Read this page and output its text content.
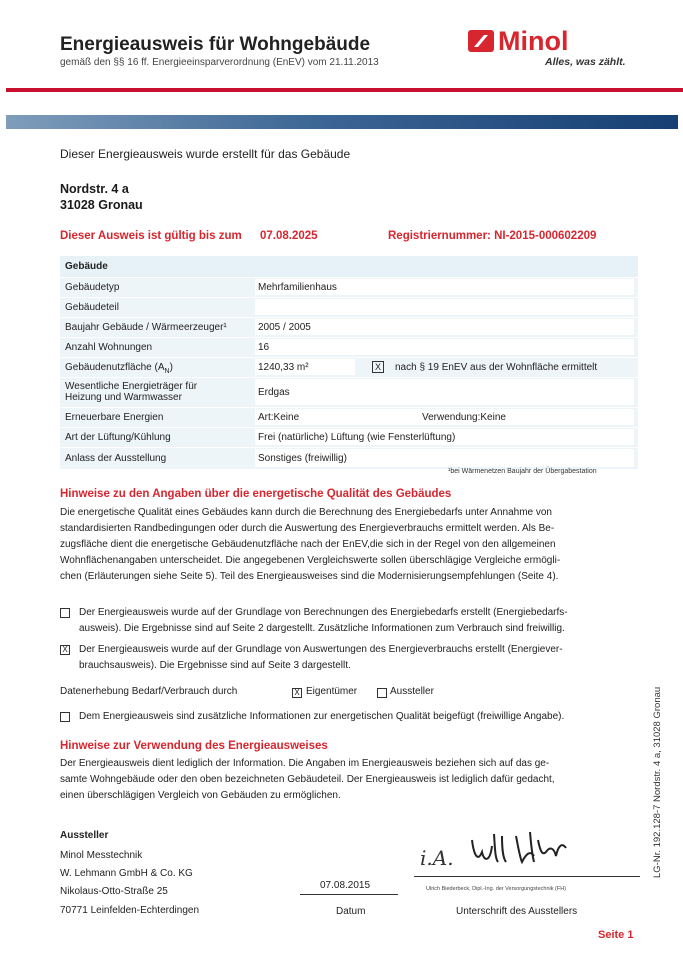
Energieausweis für Wohngebäude
gemäß den §§ 16 ff. Energieeinsparverordnung (EnEV) vom 21.11.2013
Minol
Alles, was zählt.
Dieser Energieausweis wurde erstellt für das Gebäude
Nordstr. 4 a
31028 Gronau
Dieser Ausweis ist gültig bis zum 07.08.2025	Registriernummer: NI-2015-000602209
Gebäude
Gebäudetyp	Mehrfamilienhaus
Gebäudeteil
Baujahr Gebäude / Wärmeerzeuger¹	2005 / 2005
Anzahl Wohnungen	16
Gebäudenutzfläche $(A_N)$	1240,33 m²	X	nach § 19 EnEV aus der Wohnfläche ermittelt
Wesentliche Energieträger für
Heizung und Warmwasser	Erdgas
Erneuerbare Energien	Art:Keine	Verwendung:Keine
Art der Lüftung/Kühlung	Frei (natürliche) Lüftung (wie Fensterlüftung)
Anlass der Ausstellung	Sonstiges (freiwillig)
¹bei Wärmenetzen Baujahr der Übergabestation
Hinweise zu den Angaben über die energetische Qualität des Gebäudes

Die energetische Qualität eines Gebäudes kann durch die Berechnung des Energiebedarfs unter Annahme von

standardisierten Randbedingungen oder durch die Auswertung des Energieverbrauchs ermittelt werden. Als Be-

zugsfläche dient die energetische Gebäudenutzfläche nach der EnEV,die sich in der Regel von den allgemeinen

Wohnflächenangaben unterscheidet. Die angegebenen Vergleichswerte sollen überschlägige Vergleiche ermögli-

chen (Erläuterungen siehe Seite 5). Teil des Energieausweises sind die Modernisierungsempfehlungen (Seite 4).

Der Energieausweis wurde auf der Grundlage von Berechnungen des Energiebedarfs erstellt (Energiebedarfs-
ausweis). Die Ergebnisse sind auf Seite 2 dargestellt. Zusätzliche Informationen zum Verbrauch sind freiwillig.
X Der Energieausweis wurde auf der Grundlage von Auswertungen des Energieverbrauchs erstellt (Energiever-
brauchsausweis). Die Ergebnisse sind auf Seite 3 dargestellt.
Datenerhebung Bedarf/Verbrauch durch	X Eigentümer	Aussteller
Dem Energieausweis sind zusätzliche Informationen zur energetischen Qualität beigefügt (freiwillige Angabe).
Hinweise zur Verwendung des Energieausweises

Der Energieausweis dient lediglich der Information. Die Angaben im Energieausweis beziehen sich auf das ge-

samte Wohngebäude oder den oben bezeichneten Gebäudeteil. Der Energieausweis ist lediglich dafür gedacht,

einen überschlägigen Vergleich von Gebäuden zu ermöglichen.

Aussteller
Minol Messtechnik
W. Lehmann GmbH & Co. KG
Nikolaus-Otto-Straße 25
70771 Leinfelden-Echterdingen
07.08.2015
Datum
i.A.
Ulrich Biederbeck, Dipl.-Ing. der Versorgungstechnik (FH)
Unterschrift des Ausstellers
LG-Nr. 192.128-7 Nordstr. 4 a, 31028 Gronau
Seite 1
